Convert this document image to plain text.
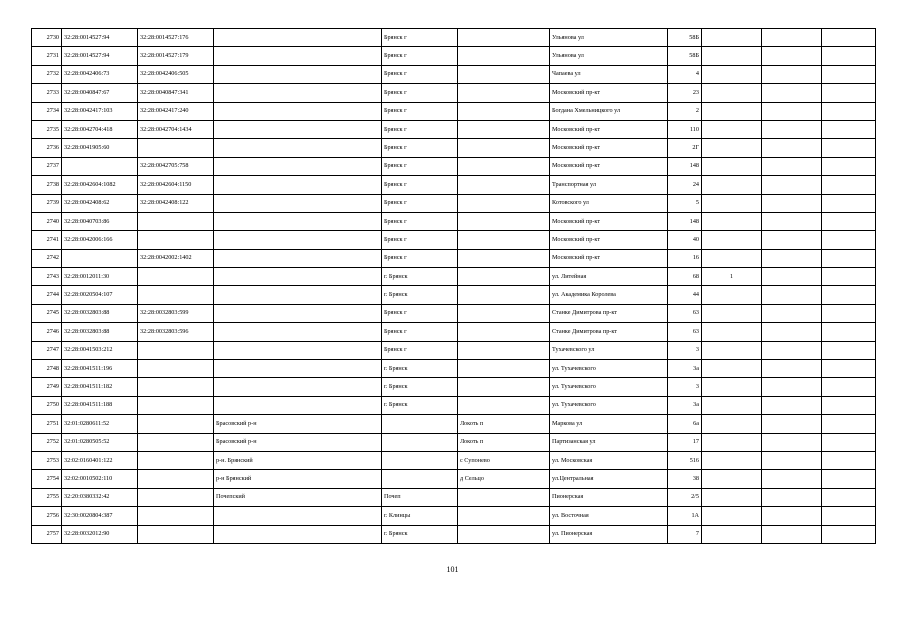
2730	32:28:0014527:94	32:28:0014527:176		Брянск г		Ульянова ул	58Б			
2731	32:28:0014527:94	32:28:0014527:179		Брянск г		Ульянова ул	58Б			
2732	32:28:0042406:73	32:28:0042406:505		Брянск г		Чапаева ул	4			
2733	32:28:0040847:67	32:28:0040847:341		Брянск г		Московский пр-кт	23			
2734	32:28:0042417:103	32:28:0042417:240		Брянск г		Богдана Хмельницкого ул	2			
2735	32:28:0042704:418	32:28:0042704:1434		Брянск г		Московский пр-кт	110			
2736	32:28:0041905:60			Брянск г		Московский пр-кт	2Г			
2737		32:28:0042705:758		Брянск г		Московский пр-кт	148			
2738	32:28:0042604:1082	32:28:0042604:1150		Брянск г		Транспортная ул	24			
2739	32:28:0042408:62	32:28:0042408:122		Брянск г		Котовского ул	5			
2740	32:28:0040703:86			Брянск г		Московский пр-кт	148			
2741	32:28:0042006:166			Брянск г		Московский пр-кт	40			
2742		32:28:0042002:1402		Брянск г		Московский пр-кт	16			
2743	32:28:0012011:30			г. Брянск		ул. Литейная	68	1		
2744	32:28:0020504:107			г. Брянск		ул. Академика Королева	44			
2745	32:28:0032803:88	32:28:0032803:599		Брянск г		Станке Димитрова пр-кт	63			
2746	32:28:0032803:88	32:28:0032803:596		Брянск г		Станке Димитрова пр-кт	63			
2747	32:28:0041503:212			Брянск г		Тухачевского ул	3			
2748	32:28:0041511:196			г. Брянск		ул. Тухачевского	3а			
2749	32:28:0041511:182			г. Брянск		ул. Тухачевского	3			
2750	32:28:0041511:188			г. Брянск		ул. Тухачевского	3а			
2751	32:01:0280611:52		Брасовский р-н		Локоть п	Маркова ул	6а			
2752	32:01:0280505:52		Брасовский р-н		Локоть п	Партизанская ул	17			
2753	32:02:0160401:122		р-н. Брянский		с Супонево	ул. Московская	516			
2754	32:02:0010502:110		р-н Брянский		д Сельцо	ул.Центральная	38			
2755	32:20:0380332:42		Почепский	Почеп		Пионерская	2/5			
2756	32:30:0020804:387			г. Клинцы		ул. Восточная	1А			
2757	32:28:0032012:90			г. Брянск		ул. Пионерская	7			
101
